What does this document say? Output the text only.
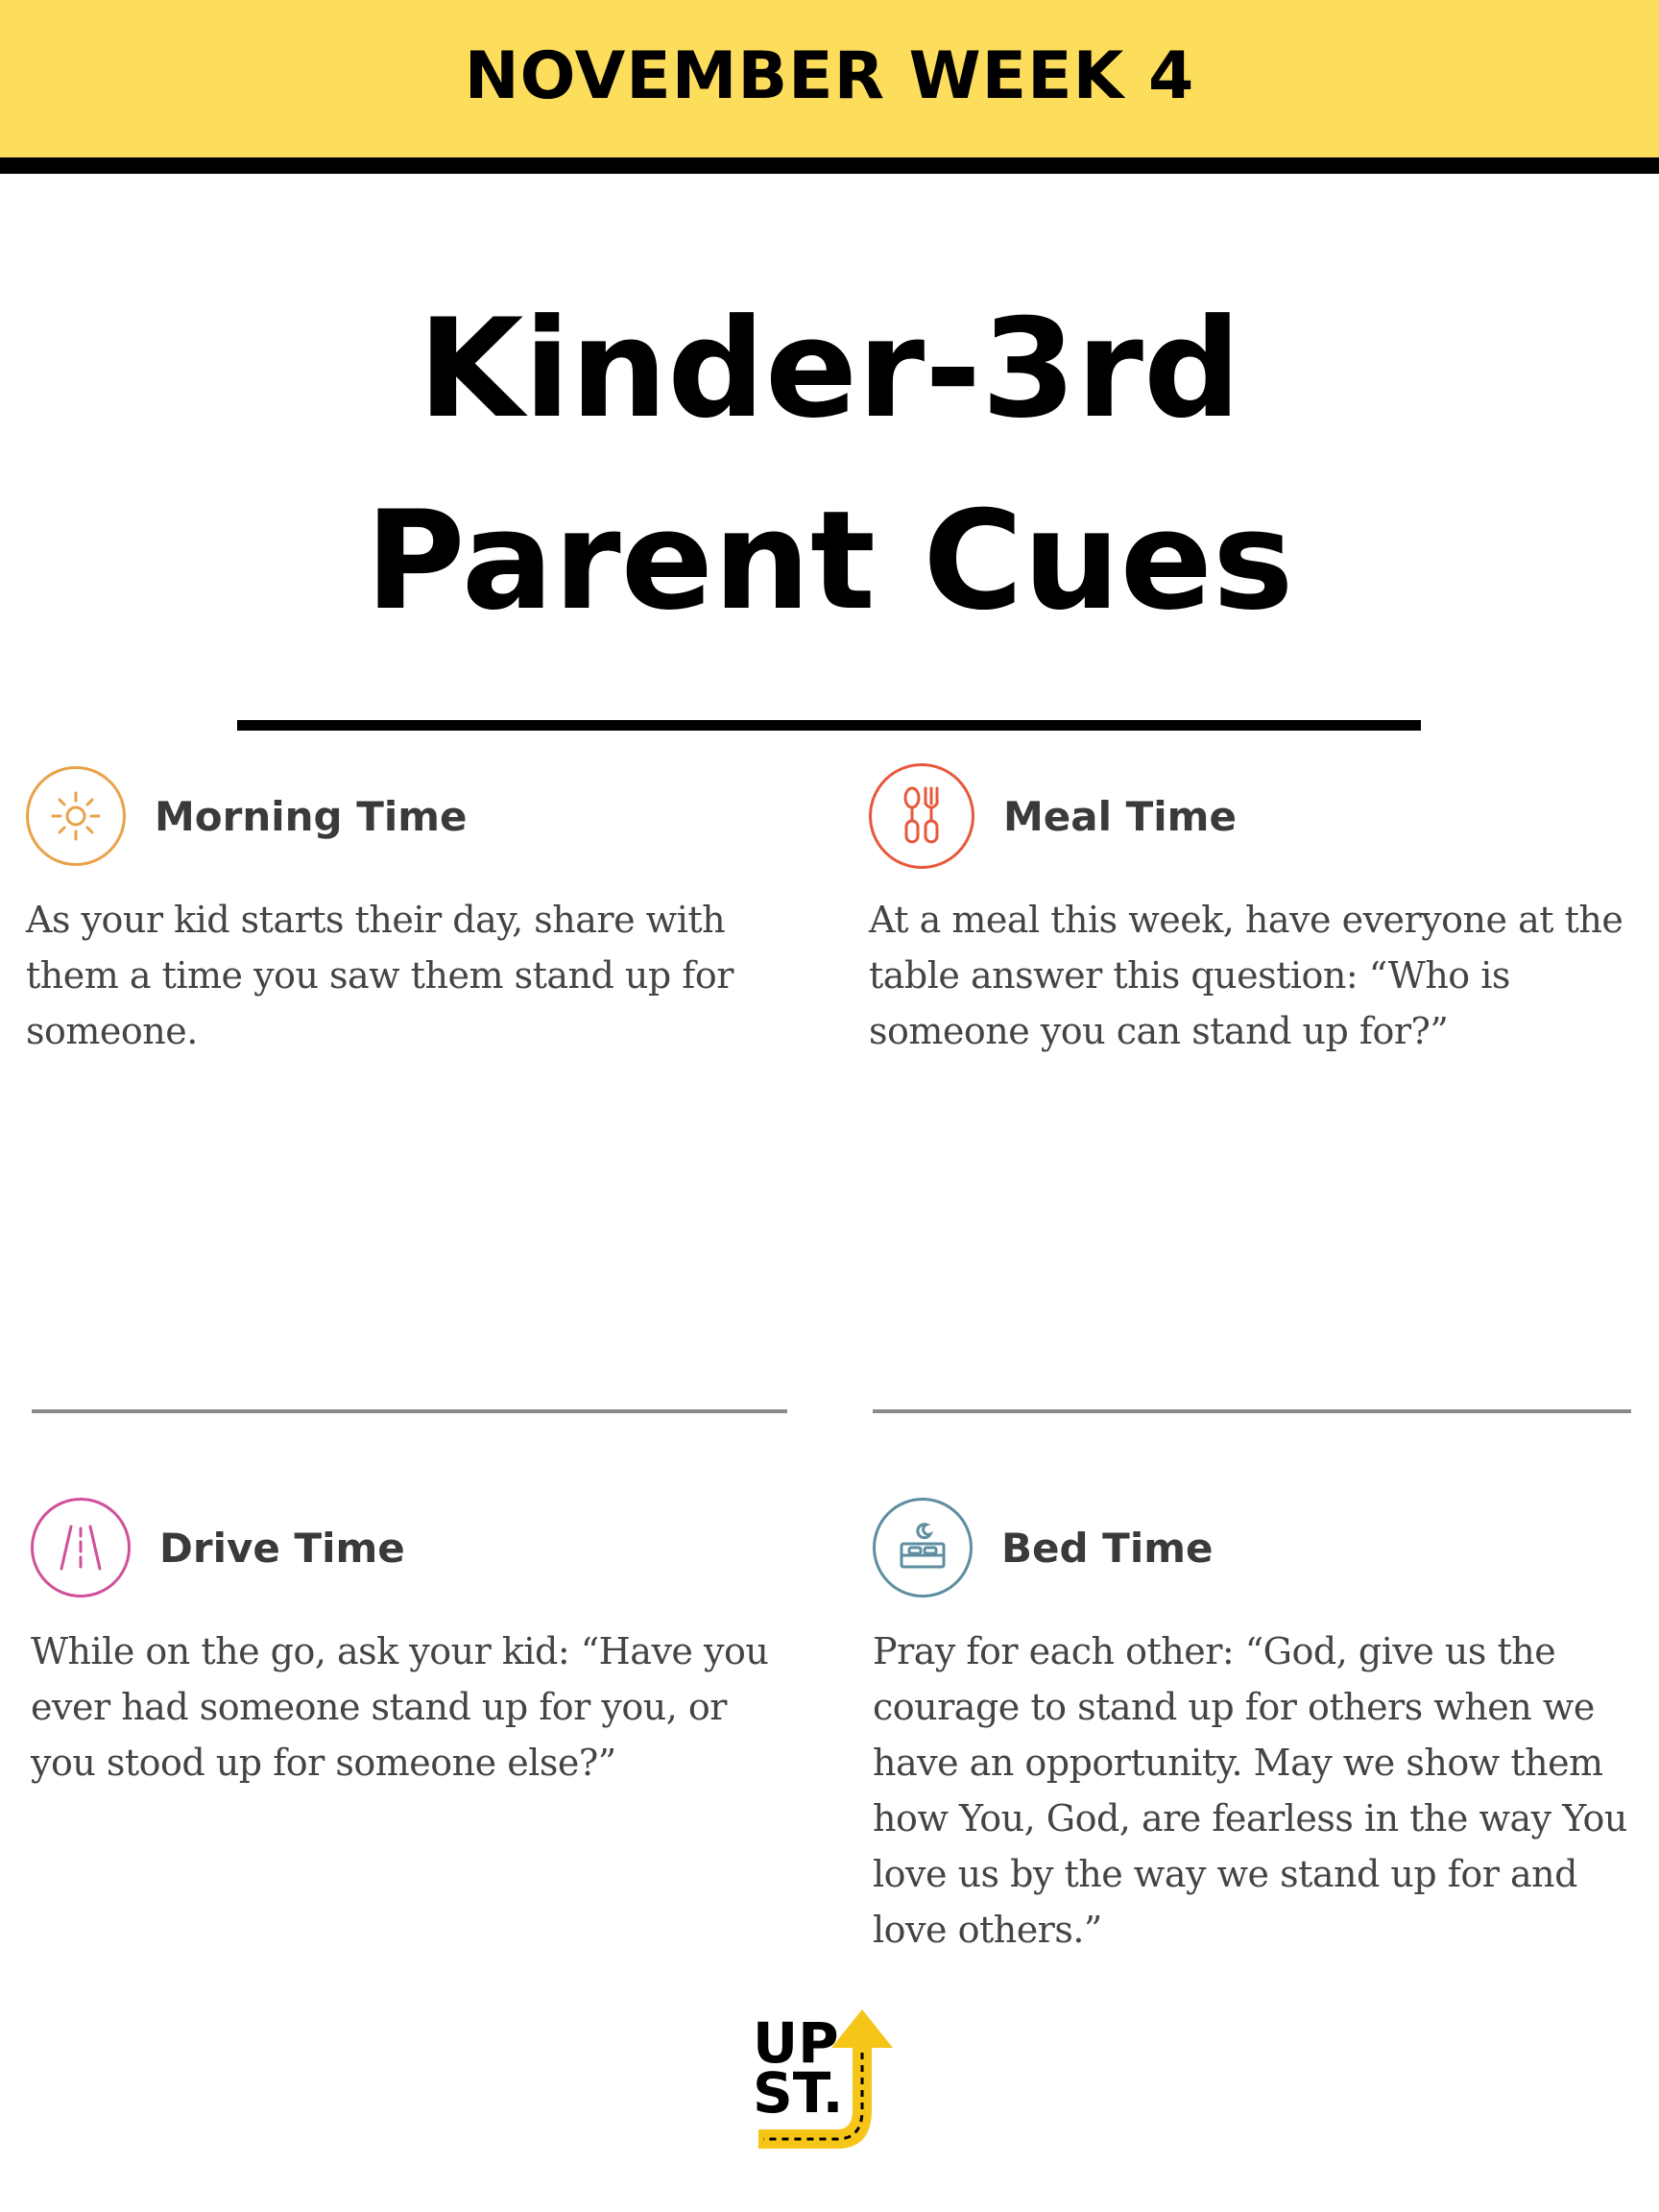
NOVEMBER WEEK 4
Kinder-3rd
Parent Cues
Morning Time
As your kid starts their day, share with them a time you saw them stand up for someone.
Meal Time
At a meal this week, have everyone at the table answer this question: “Who is someone you can stand up for?”
Drive Time
While on the go, ask your kid: “Have you ever had someone stand up for you, or you stood up for someone else?”
Bed Time
Pray for each other: “God, give us the courage to stand up for others when we have an opportunity. May we show them how You, God, are fearless in the way You love us by the way we stand up for and love others.”
UP
ST.
